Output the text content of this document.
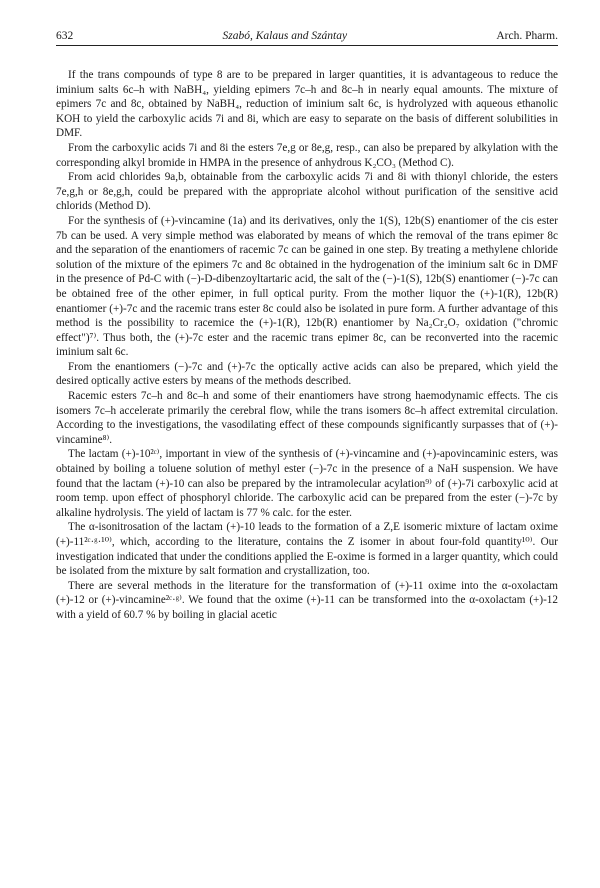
632	Szabó, Kalaus and Szántay	Arch. Pharm.

If the trans compounds of type 8 are to be prepared in larger quantities, it is advantageous to reduce the iminium salts 6c–h with NaBH₄, yielding epimers 7c–h and 8c–h in nearly equal amounts. The mixture of epimers 7c and 8c, obtained by NaBH₄, reduction of iminium salt 6c, is hydrolyzed with aqueous ethanolic KOH to yield the carboxylic acids 7i and 8i, which are easy to separate on the basis of different solubilities in DMF.

From the carboxylic acids 7i and 8i the esters 7e,g or 8e,g, resp., can also be prepared by alkylation with the corresponding alkyl bromide in HMPA in the presence of anhydrous K₂CO₃ (Method C).

From acid chlorides 9a,b, obtainable from the carboxylic acids 7i and 8i with thionyl chloride, the esters 7e,g,h or 8e,g,h, could be prepared with the appropriate alcohol without purification of the sensitive acid chlorids (Method D).

For the synthesis of (+)-vincamine (1a) and its derivatives, only the 1(S), 12b(S) enantiomer of the cis ester 7b can be used. A very simple method was elaborated by means of which the removal of the trans epimer 8c and the separation of the enantiomers of racemic 7c can be gained in one step. By treating a methylene chloride solution of the mixture of the epimers 7c and 8c obtained in the hydrogenation of the iminium salt 6c in DMF in the presence of Pd-C with (−)-D-dibenzoyltartaric acid, the salt of the (−)-1(S), 12b(S) enantiomer (−)-7c can be obtained free of the other epimer, in full optical purity. From the mother liquor the (+)-1(R), 12b(R) enantiomer (+)-7c and the racemic trans ester 8c could also be isolated in pure form. A further advantage of this method is the possibility to racemice the (+)-1(R), 12b(R) enantiomer by Na₂Cr₂O₇ oxidation ("chromic effect")⁷⁾. Thus both, the (+)-7c ester and the racemic trans epimer 8c, can be reconverted into the racemic iminium salt 6c.

From the enantiomers (−)-7c and (+)-7c the optically active acids can also be prepared, which yield the desired optically active esters by means of the methods described.

Racemic esters 7c–h and 8c–h and some of their enantiomers have strong haemodynamic effects. The cis isomers 7c–h accelerate primarily the cerebral flow, while the trans isomers 8c–h affect extremital circulation. According to the investigations, the vasodilating effect of these compounds significantly surpasses that of (+)-vincamine⁸⁾.

The lactam (+)-10²ᶜ⁾, important in view of the synthesis of (+)-vincamine and (+)-apovincaminic esters, was obtained by boiling a toluene solution of methyl ester (−)-7c in the presence of a NaH suspension. We have found that the lactam (+)-10 can also be prepared by the intramolecular acylation⁹⁾ of (+)-7i carboxylic acid at room temp. upon effect of phosphoryl chloride. The carboxylic acid can be prepared from the ester (−)-7c by alkaline hydrolysis. The yield of lactam is 77 % calc. for the ester.

The α-isonitrosation of the lactam (+)-10 leads to the formation of a Z,E isomeric mixture of lactam oxime (+)-11²ᶜ·ᵍ·¹⁰⁾, which, according to the literature, contains the Z isomer in about four-fold quantity¹⁰⁾. Our investigation indicated that under the conditions applied the E-oxime is formed in a larger quantity, which could be isolated from the mixture by salt formation and crystallization, too.

There are several methods in the literature for the transformation of (+)-11 oxime into the α-oxolactam (+)-12 or (+)-vincamine²ᶜ·ᵍ⁾. We found that the oxime (+)-11 can be transformed into the α-oxolactam (+)-12 with a yield of 60.7 % by boiling in glacial acetic
